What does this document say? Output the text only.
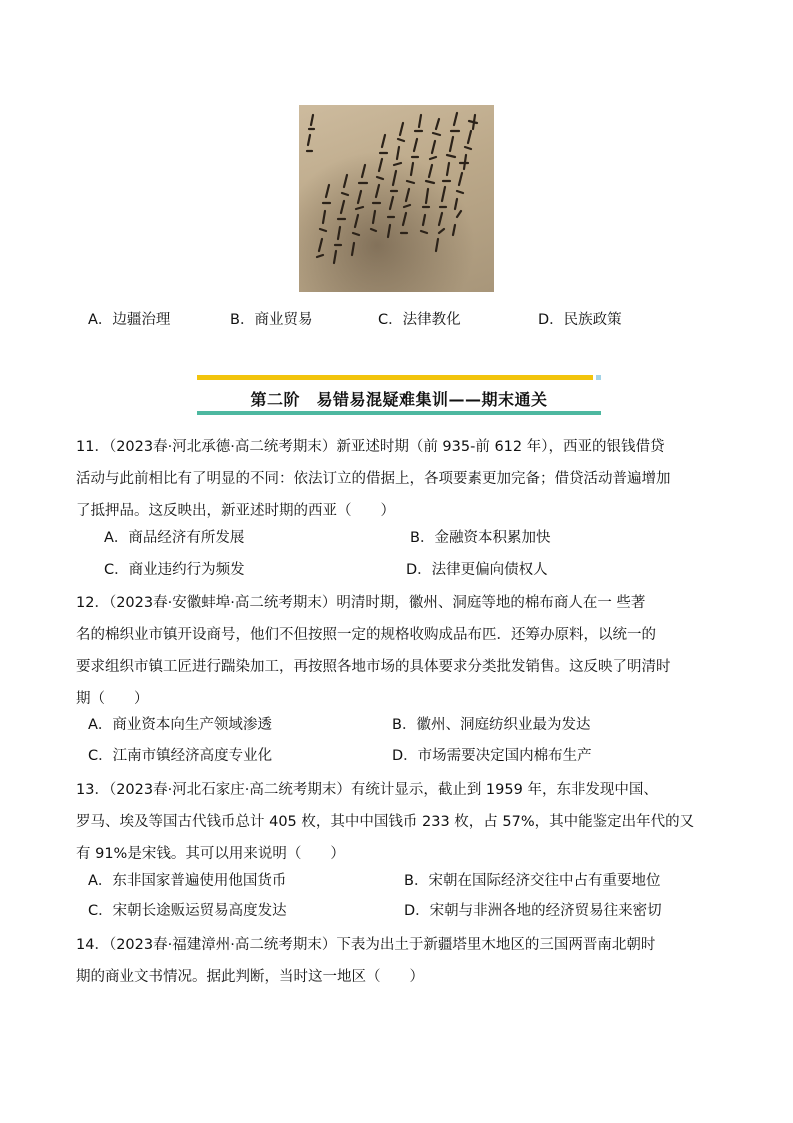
A．边疆治理	B．商业贸易	C．法律教化	D．民族政策
第二阶　易错易混疑难集训——期末通关
11．（2023春·河北承德·高二统考期末）新亚述时期（前 935-前 612 年），西亚的银钱借贷
活动与此前相比有了明显的不同：依法订立的借据上，各项要素更加完备；借贷活动普遍增加
了抵押品。这反映出，新亚述时期的西亚（　　）
A．商品经济有所发展	B．金融资本积累加快
C．商业违约行为频发	D．法律更偏向债权人
12．（2023春·安徽蚌埠·高二统考期末）明清时期，徽州、洞庭等地的棉布商人在一 些著
名的棉织业市镇开设商号，他们不但按照一定的规格收购成品布匹．还筹办原料，以统一的
要求组织市镇工匠进行踹染加工，再按照各地市场的具体要求分类批发销售。这反映了明清时
期（　　）
A．商业资本向生产领域渗透	B．徽州、洞庭纺织业最为发达
C．江南市镇经济高度专业化	D．市场需要决定国内棉布生产
13．（2023春·河北石家庄·高二统考期末）有统计显示，截止到 1959 年，东非发现中国、
罗马、埃及等国古代钱币总计 405 枚，其中中国钱币 233 枚，占 57%，其中能鉴定出年代的又
有 91%是宋钱。其可以用来说明（　　）
A．东非国家普遍使用他国货币	B．宋朝在国际经济交往中占有重要地位
C．宋朝长途贩运贸易高度发达	D．宋朝与非洲各地的经济贸易往来密切
14．（2023春·福建漳州·高二统考期末）下表为出土于新疆塔里木地区的三国两晋南北朝时
期的商业文书情况。据此判断，当时这一地区（　　）
